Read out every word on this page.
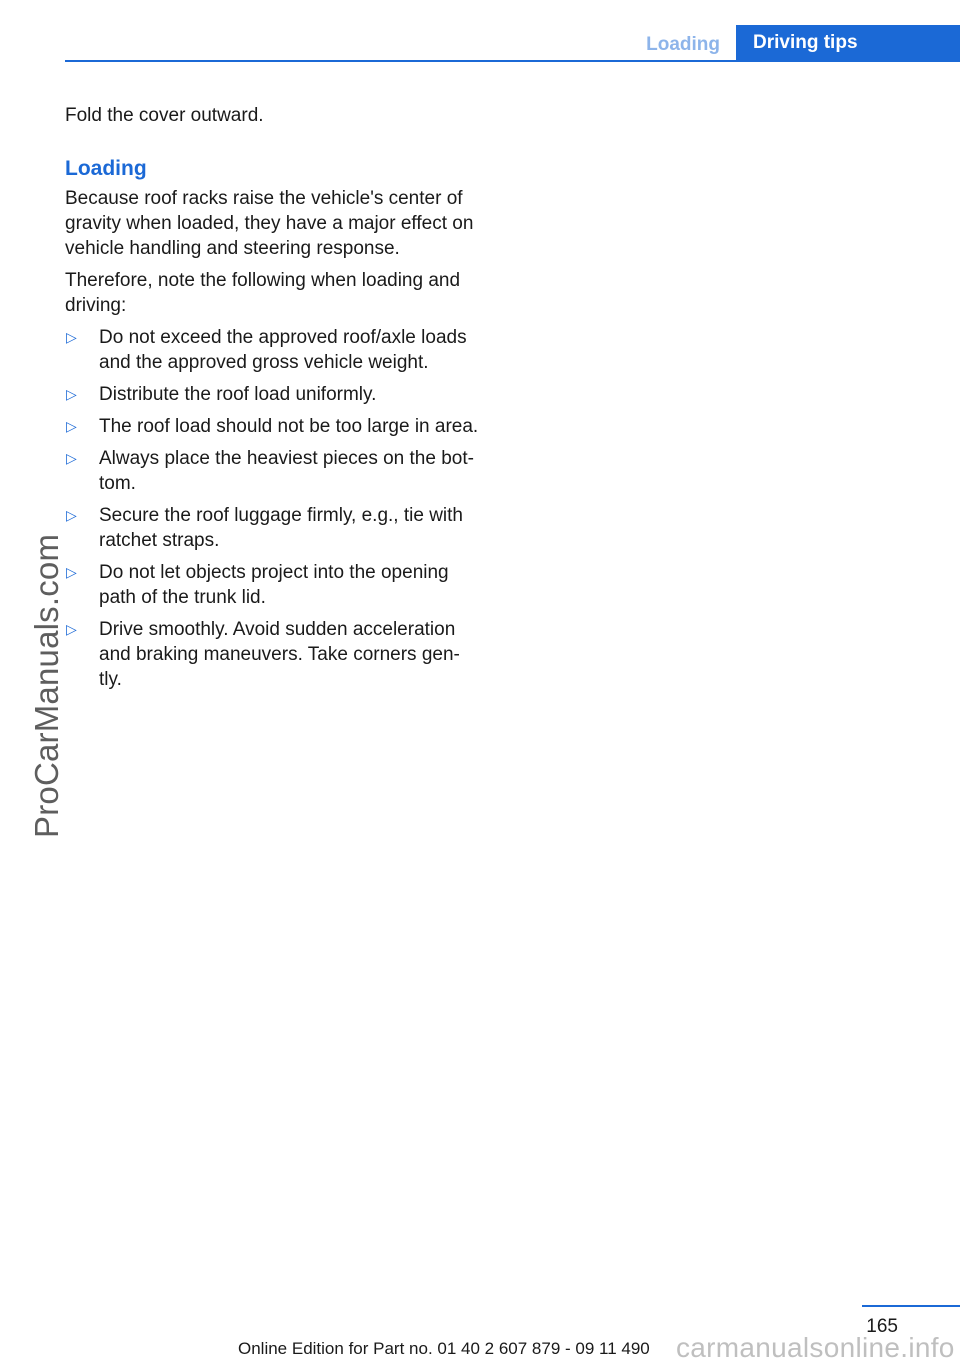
Loading	Driving tips
ProCarManuals.com

Fold the cover outward.

Loading

Because roof racks raise the vehicle's center of gravity when loaded, they have a major effect on vehicle handling and steering response.

Therefore, note the following when loading and driving:

▷	Do not exceed the approved roof/axle loads and the approved gross vehicle weight.
▷	Distribute the roof load uniformly.
▷	The roof load should not be too large in area.
▷	Always place the heaviest pieces on the bot‐tom.
▷	Secure the roof luggage firmly, e.g., tie with ratchet straps.
▷	Do not let objects project into the opening path of the trunk lid.
▷	Drive smoothly. Avoid sudden acceleration and braking maneuvers. Take corners gen‐tly.
165
Online Edition for Part no. 01 40 2 607 879 - 09 11 490 carmanualsonline.info
